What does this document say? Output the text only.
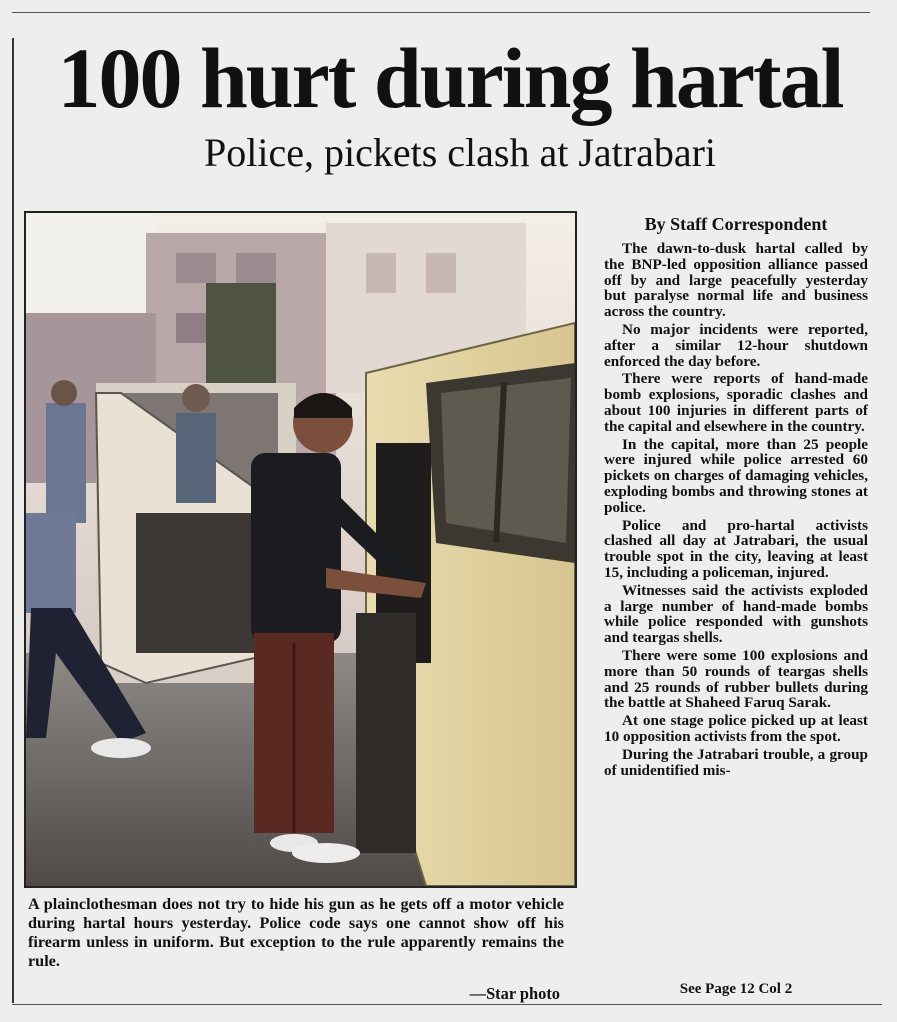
100 hurt during hartal
Police, pickets clash at Jatrabari
A plainclothesman does not try to hide his gun as he gets off a motor vehicle during hartal hours yesterday. Police code says one cannot show off his firearm unless in uniform. But exception to the rule apparently remains the rule.
—Star photo
By Staff Correspondent

The dawn-to-dusk hartal called by the BNP-led opposition alliance passed off by and large peacefully yesterday but paralyse normal life and business across the country.

No major incidents were reported, after a similar 12-hour shutdown enforced the day before.

There were reports of hand-made bomb explosions, sporadic clashes and about 100 injuries in different parts of the capital and elsewhere in the country.

In the capital, more than 25 people were injured while police arrested 60 pickets on charges of damaging vehicles, exploding bombs and throwing stones at police.

Police and pro-hartal activists clashed all day at Jatrabari, the usual trouble spot in the city, leaving at least 15, including a policeman, injured.

Witnesses said the activists exploded a large number of hand-made bombs while police responded with gunshots and teargas shells.

There were some 100 explosions and more than 50 rounds of teargas shells and 25 rounds of rubber bullets during the battle at Shaheed Faruq Sarak.

At one stage police picked up at least 10 opposition activists from the spot.

During the Jatrabari trouble, a group of unidentified mis-

See Page 12 Col 2
